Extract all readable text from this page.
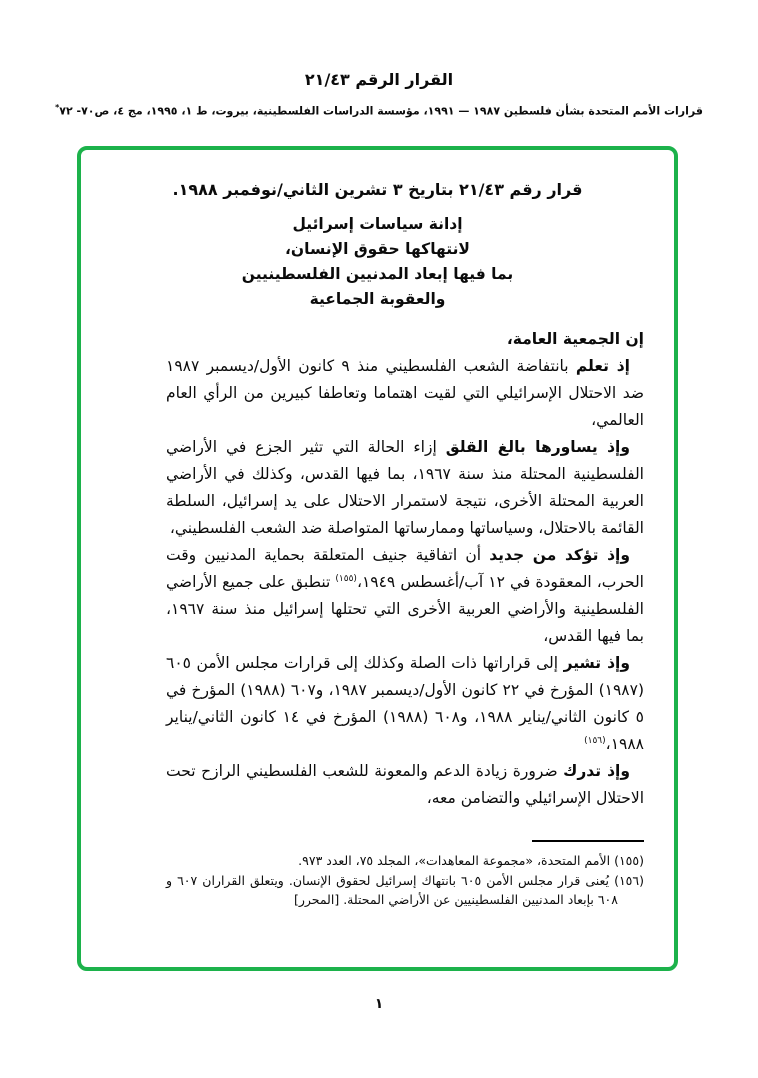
القرار الرقم ٢١/٤٣
قرارات الأمم المتحدة بشأن فلسطين ١٩٨٧ — ١٩٩١، مؤسسة الدراسات الفلسطينية، بيروت، ط ١، ١٩٩٥، مج ٤، ص٧٠- ٧٢*
قرار رقم ٢١/٤٣ بتاريخ ٣ تشرين الثاني/نوفمبر ١٩٨٨.
إدانة سياسات إسرائيل
لانتهاكها حقوق الإنسان،
بما فيها إبعاد المدنيين الفلسطينيين
والعقوبة الجماعية
إن الجمعية العامة،

إذ تعلم بانتفاضة الشعب الفلسطيني منذ ٩ كانون الأول/ديسمبر ١٩٨٧ ضد الاحتلال الإسرائيلي التي لقيت اهتماما وتعاطفا كبيرين من الرأي العام العالمي،

وإذ يساورها بالغ القلق إزاء الحالة التي تثير الجزع في الأراضي الفلسطينية المحتلة منذ سنة ١٩٦٧، بما فيها القدس، وكذلك في الأراضي العربية المحتلة الأخرى، نتيجة لاستمرار الاحتلال على يد إسرائيل، السلطة القائمة بالاحتلال، وسياساتها وممارساتها المتواصلة ضد الشعب الفلسطيني،

وإذ تؤكد من جديد أن اتفاقية جنيف المتعلقة بحماية المدنيين وقت الحرب، المعقودة في ١٢ آب/أغسطس ١٩٤٩،$^{(١٥٥)}$ تنطبق على جميع الأراضي الفلسطينية والأراضي العربية الأخرى التي تحتلها إسرائيل منذ سنة ١٩٦٧، بما فيها القدس،

وإذ تشير إلى قراراتها ذات الصلة وكذلك إلى قرارات مجلس الأمن ٦٠٥ (١٩٨٧) المؤرخ في ٢٢ كانون الأول/ديسمبر ١٩٨٧، و٦٠٧ (١٩٨٨) المؤرخ في ٥ كانون الثاني/يناير ١٩٨٨، و٦٠٨ (١٩٨٨) المؤرخ في ١٤ كانون الثاني/يناير ١٩٨٨،$^{(١٥٦)}$

وإذ تدرك ضرورة زيادة الدعم والمعونة للشعب الفلسطيني الرازح تحت الاحتلال الإسرائيلي والتضامن معه،

(١٥٥) الأمم المتحدة، «مجموعة المعاهدات»، المجلد ٧٥، العدد ٩٧٣.

(١٥٦) يُعنى قرار مجلس الأمن ٦٠٥ بانتهاك إسرائيل لحقوق الإنسان. ويتعلق القراران ٦٠٧ و ٦٠٨ بإبعاد المدنيين الفلسطينيين عن الأراضي المحتلة. [المحرر]

١
